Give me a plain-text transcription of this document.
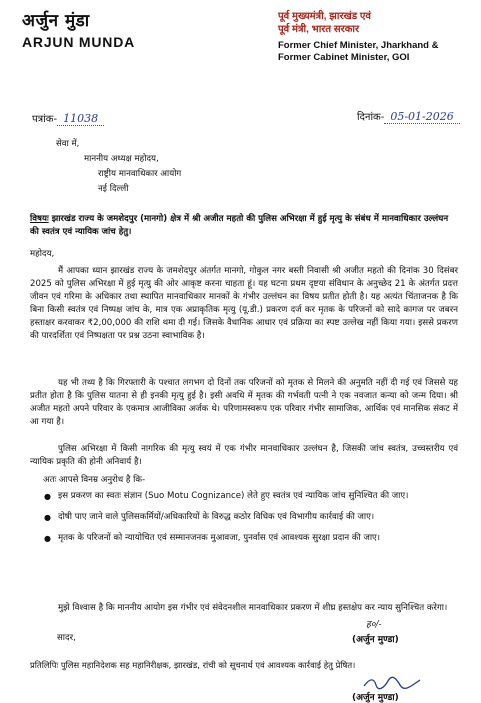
अर्जुन मुंडा
ARJUN MUNDA
पूर्व मुख्यमंत्री, झारखंड एवं
पूर्व मंत्री, भारत सरकार
Former Chief Minister, Jharkhand &
Former Cabinet Minister, GOI
पत्रांक- 11038	दिनांक- 05-01-2026
सेवा में,
माननीय अध्यक्ष महोदय,
राष्ट्रीय मानवाधिकार आयोग
नई दिल्ली
विषयः झारखंड राज्य के जमशेदपुर (मानगो) क्षेत्र में श्री अजीत महतो की पुलिस अभिरक्षा में हुई मृत्यु के संबंध में मानवाधिकार उल्लंघन की स्वतंत्र एवं न्यायिक जांच हेतु।
महोदय,
मैं आपका ध्यान झारखंड राज्य के जमशेदपुर अंतर्गत मानगो, गोकुल नगर बस्ती निवासी श्री अजीत महतो की दिनांक 30 दिसंबर 2025 को पुलिस अभिरक्षा में हुई मृत्यु की ओर आकृष्ट करना चाहता हूं। यह घटना प्रथम दृष्टया संविधान के अनुच्छेद 21 के अंतर्गत प्रदत्त जीवन एवं गरिमा के अधिकार तथा स्थापित मानवाधिकार मानकों के गंभीर उल्लंघन का विषय प्रतीत होती है। यह अत्यंत चिंताजनक है कि बिना किसी स्वतंत्र एवं निष्पक्ष जांच के, मात्र एक अप्राकृतिक मृत्यु (यू.डी.) प्रकरण दर्ज कर मृतक के परिजनों को सादे कागज पर जबरन हस्ताक्षर करवाकर ₹2,00,000 की राशि थमा दी गई। जिसके वैधानिक आधार एवं प्रक्रिया का स्पष्ट उल्लेख नहीं किया गया। इससे प्रकरण की पारदर्शिता एवं निष्पक्षता पर प्रश्न उठना स्वाभाविक है।
यह भी तथ्य है कि गिरफ्तारी के पश्चात लगभग दो दिनों तक परिजनों को मृतक से मिलने की अनुमति नहीं दी गई एवं जिससे यह प्रतीत होता है कि पुलिस यातना से ही इनकी मृत्यु हुई है। इसी अवधि में मृतक की गर्भवती पत्नी ने एक नवजात कन्या को जन्म दिया। श्री अजीत महतो अपने परिवार के एकमात्र आजीविका अर्जक थे। परिणामस्वरूप एक परिवार गंभीर सामाजिक, आर्थिक एवं मानसिक संकट में आ गया है।
पुलिस अभिरक्षा में किसी नागरिक की मृत्यु स्वयं में एक गंभीर मानवाधिकार उल्लंघन है, जिसकी जांच स्वतंत्र, उच्चस्तरीय एवं न्यायिक प्रकृति की होनी अनिवार्य है।
अतः आपसे विनम्र अनुरोध है कि-
● इस प्रकरण का स्वतः संज्ञान (Suo Motu Cognizance) लेते हुए स्वतंत्र एवं न्यायिक जांच सुनिश्चित की जाए।
● दोषी पाए जाने वाले पुलिसकर्मियों/अधिकारियों के विरुद्ध कठोर विधिक एवं विभागीय कार्रवाई की जाए।
● मृतक के परिजनों को न्यायोचित एवं सम्मानजनक मुआवजा, पुनर्वास एवं आवश्यक सुरक्षा प्रदान की जाए।
मुझे विश्वास है कि माननीय आयोग इस गंभीर एवं संवेदनशील मानवाधिकार प्रकरण में शीघ्र हस्तक्षेप कर न्याय सुनिश्चित करेगा।
सादर,
ह०/-
(अर्जुन मुण्डा)
प्रतिलिपिः पुलिस महानिदेशक सह महानिरीक्षक, झारखंड, रांची को सूचनार्थ एवं आवश्यक कार्रवाई हेतु प्रेषित।
(अर्जुन मुण्डा)
